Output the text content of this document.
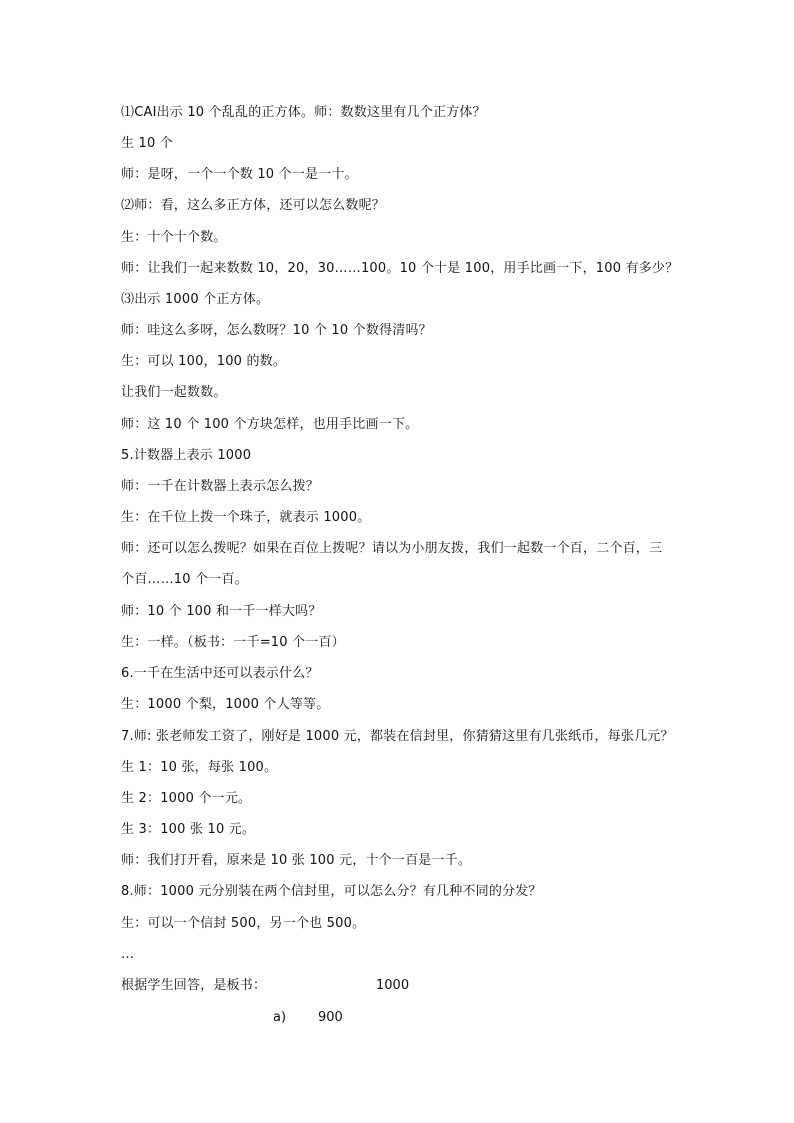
⑴CAI出示 10 个乱乱的正方体。师：数数这里有几个正方体？
生 10 个
师：是呀，一个一个数 10 个一是一十。
⑵师：看，这么多正方体，还可以怎么数呢？
生：十个十个数。
师：让我们一起来数数 10，20，30……100。10 个十是 100，用手比画一下，100 有多少？
⑶出示 1000 个正方体。
师：哇这么多呀，怎么数呀？10 个 10 个数得清吗？
生：可以 100，100 的数。
让我们一起数数。
师：这 10 个 100 个方块怎样，也用手比画一下。
5.计数器上表示 1000
师：一千在计数器上表示怎么拨？
生：在千位上拨一个珠子，就表示 1000。
师：还可以怎么拨呢？如果在百位上拨呢？请以为小朋友拨，我们一起数一个百，二个百，三
个百……10 个一百。
师：10 个 100 和一千一样大吗？
生：一样。（板书：一千=10 个一百）
6.一千在生活中还可以表示什么？
生：1000 个梨，1000 个人等等。
7.师: 张老师发工资了，刚好是 1000 元，都装在信封里，你猜猜这里有几张纸币，每张几元？
生 1：10 张，每张 100。
生 2：1000 个一元。
生 3：100 张 10 元。
师：我们打开看，原来是 10 张 100 元，十个一百是一千。
8.师：1000 元分别装在两个信封里，可以怎么分？有几种不同的分发？
生：可以一个信封 500，另一个也 500。
…
根据学生回答，是板书：	1000
a) 900
